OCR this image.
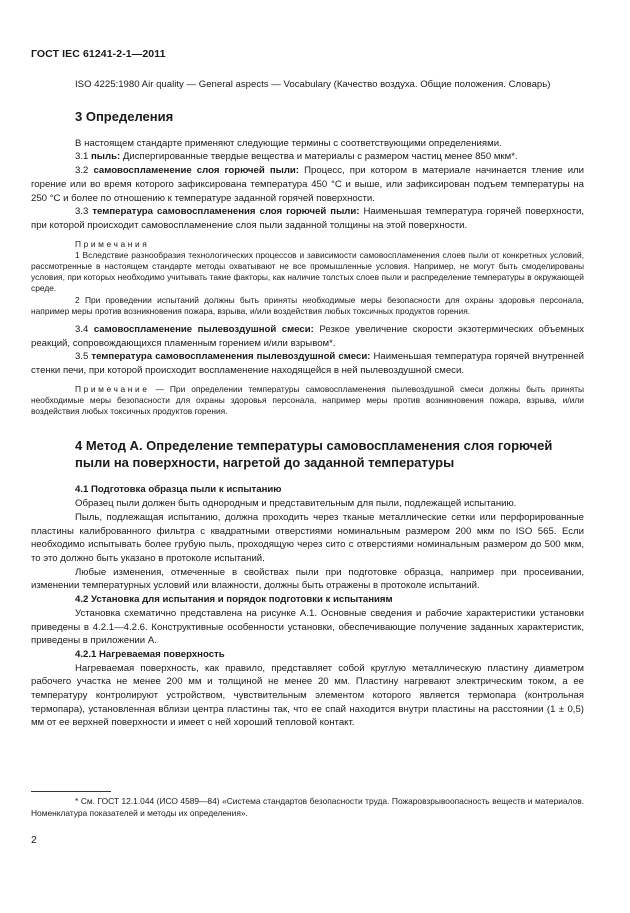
ГОСТ IEC 61241-2-1—2011

ISO 4225:1980 Air quality — General aspects — Vocabulary (Качество воздуха. Общие положения. Словарь)

3 Определения

В настоящем стандарте применяют следующие термины с соответствующими определениями.

3.1 пыль: Диспергированные твердые вещества и материалы с размером частиц менее 850 мкм*.

3.2 самовоспламенение слоя горючей пыли: Процесс, при котором в материале начинается тление или горение или во время которого зафиксирована температура 450 °С и выше, или зафиксирован подъем температуры на 250 °С и более по отношению к температуре заданной горячей поверхности.

3.3 температура самовоспламенения слоя горючей пыли: Наименьшая температура горячей поверхности, при которой происходит самовоспламенение слоя пыли заданной толщины на этой поверхности.

Примечания

1 Вследствие разнообразия технологических процессов и зависимости самовоспламенения слоев пыли от конкретных условий, рассмотренные в настоящем стандарте методы охватывают не все промышленные условия. Например, не могут быть смоделированы условия, при которых необходимо учитывать такие факторы, как наличие толстых слоев пыли и распределение температуры в окружающей среде.

2 При проведении испытаний должны быть приняты необходимые меры безопасности для охраны здоровья персонала, например меры против возникновения пожара, взрыва, и/или воздействия любых токсичных продуктов горения.

3.4 самовоспламенение пылевоздушной смеси: Резкое увеличение скорости экзотермических объемных реакций, сопровождающихся пламенным горением и/или взрывом*.

3.5 температура самовоспламенения пылевоздушной смеси: Наименьшая температура горячей внутренней стенки печи, при которой происходит воспламенение находящейся в ней пылевоздушной смеси.

Примечание — При определении температуры самовоспламенения пылевоздушной смеси должны быть приняты необходимые меры безопасности для охраны здоровья персонала, например меры против возникновения пожара, взрыва, и/или воздействия любых токсичных продуктов горения.

4 Метод А. Определение температуры самовоспламенения слоя горючей пыли на поверхности, нагретой до заданной температуры

4.1 Подготовка образца пыли к испытанию

Образец пыли должен быть однородным и представительным для пыли, подлежащей испытанию.

Пыль, подлежащая испытанию, должна проходить через тканые металлические сетки или перфорированные пластины калиброванного фильтра с квадратными отверстиями номинальным размером 200 мкм по ISO 565. Если необходимо испытывать более грубую пыль, проходящую через сито с отверстиями номинальным размером до 500 мкм, то это должно быть указано в протоколе испытаний.

Любые изменения, отмеченные в свойствах пыли при подготовке образца, например при просеивании, изменении температурных условий или влажности, должны быть отражены в протоколе испытаний.

4.2 Установка для испытания и порядок подготовки к испытаниям

Установка схематично представлена на рисунке А.1. Основные сведения и рабочие характеристики установки приведены в 4.2.1—4.2.6. Конструктивные особенности установки, обеспечивающие получение заданных характеристик, приведены в приложении А.

4.2.1 Нагреваемая поверхность

Нагреваемая поверхность, как правило, представляет собой круглую металлическую пластину диаметром рабочего участка не менее 200 мм и толщиной не менее 20 мм. Пластину нагревают электрическим током, а ее температуру контролируют устройством, чувствительным элементом которого является термопара (контрольная термопара), установленная вблизи центра пластины так, что ее спай находится внутри пластины на расстоянии (1 ± 0,5) мм от ее верхней поверхности и имеет с ней хороший тепловой контакт.

* См. ГОСТ 12.1.044 (ИСО 4589—84) «Система стандартов безопасности труда. Пожаровзрывоопасность веществ и материалов. Номенклатура показателей и методы их определения».

2
